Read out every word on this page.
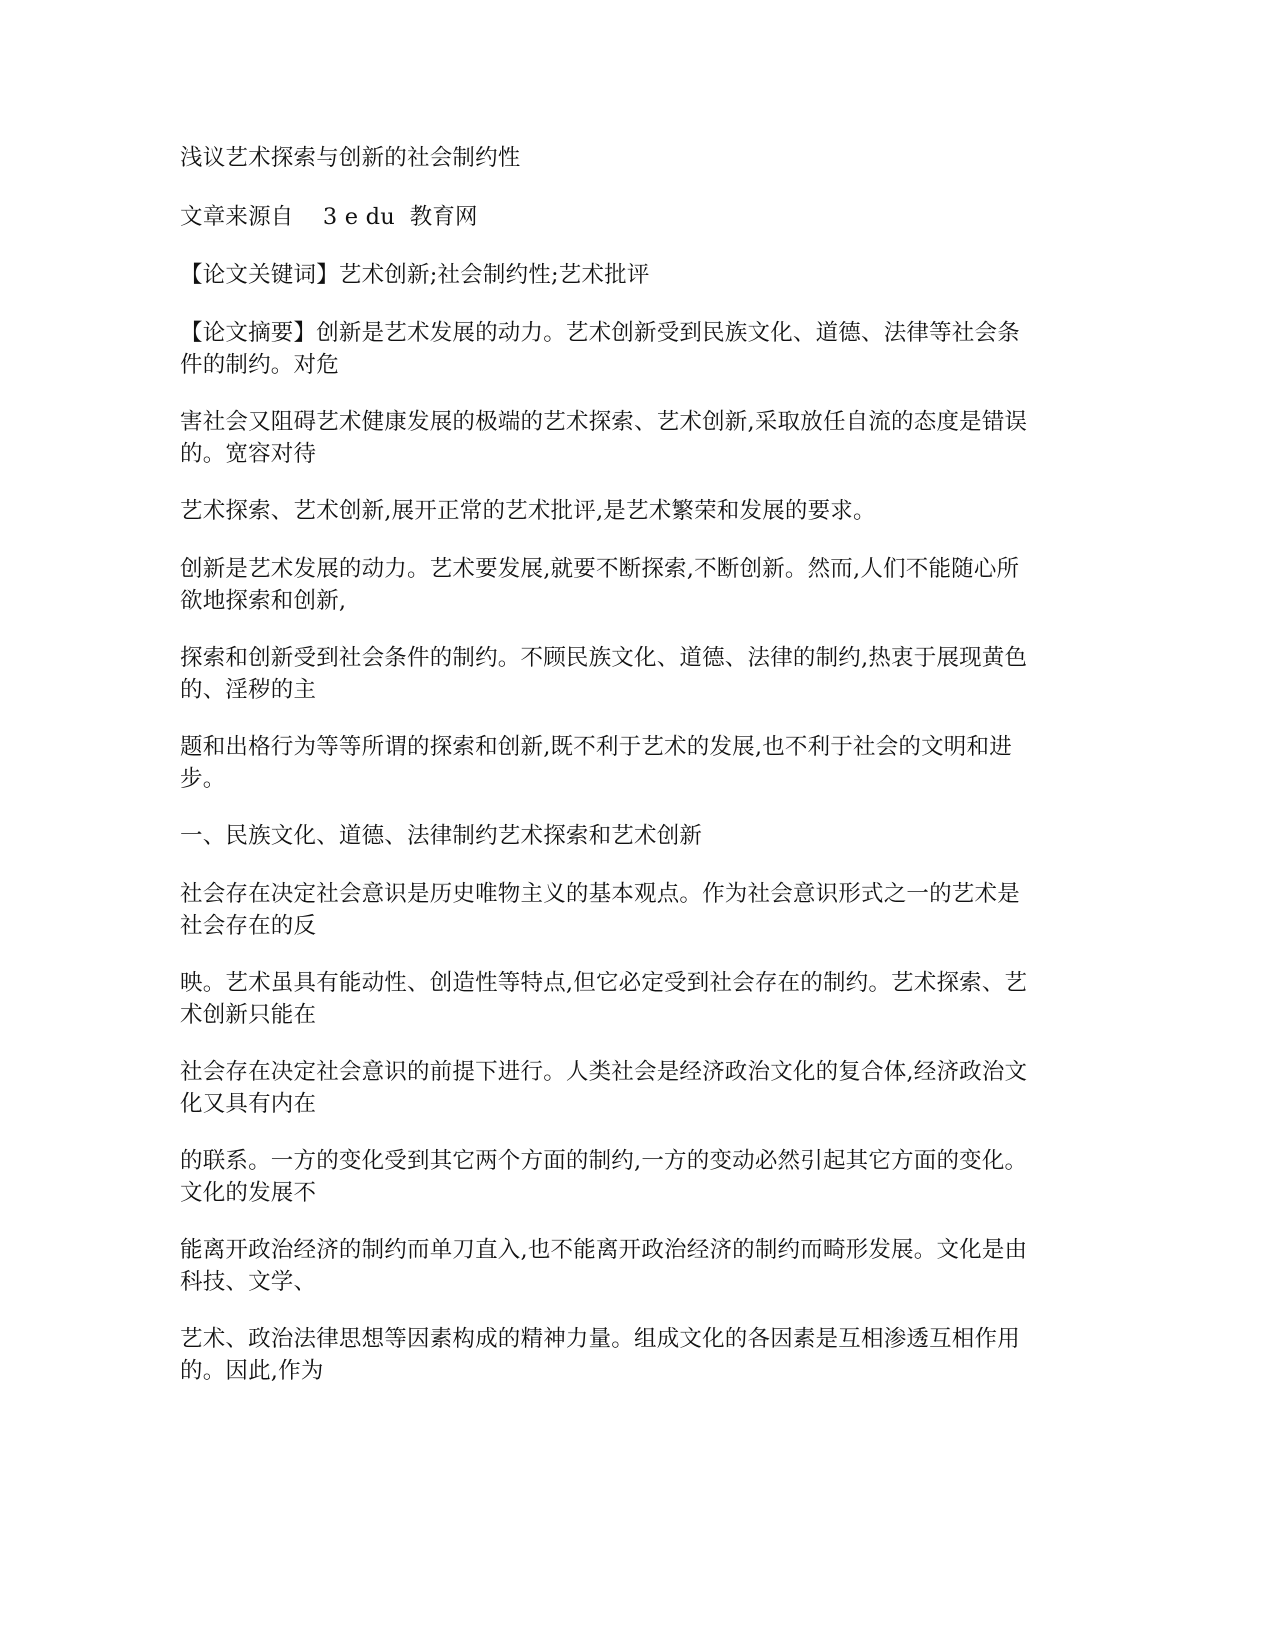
浅议艺术探索与创新的社会制约性

文章来源自    3 e du  教育网

【论文关键词】艺术创新;社会制约性;艺术批评

【论文摘要】创新是艺术发展的动力。艺术创新受到民族文化、道德、法律等社会条件的制约。对危

害社会又阻碍艺术健康发展的极端的艺术探索、艺术创新,采取放任自流的态度是错误的。宽容对待

艺术探索、艺术创新,展开正常的艺术批评,是艺术繁荣和发展的要求。

创新是艺术发展的动力。艺术要发展,就要不断探索,不断创新。然而,人们不能随心所欲地探索和创新,

探索和创新受到社会条件的制约。不顾民族文化、道德、法律的制约,热衷于展现黄色的、淫秽的主

题和出格行为等等所谓的探索和创新,既不利于艺术的发展,也不利于社会的文明和进步。

一、民族文化、道德、法律制约艺术探索和艺术创新

社会存在决定社会意识是历史唯物主义的基本观点。作为社会意识形式之一的艺术是社会存在的反

映。艺术虽具有能动性、创造性等特点,但它必定受到社会存在的制约。艺术探索、艺术创新只能在

社会存在决定社会意识的前提下进行。人类社会是经济政治文化的复合体,经济政治文化又具有内在

的联系。一方的变化受到其它两个方面的制约,一方的变动必然引起其它方面的变化。文化的发展不

能离开政治经济的制约而单刀直入,也不能离开政治经济的制约而畸形发展。文化是由科技、文学、

艺术、政治法律思想等因素构成的精神力量。组成文化的各因素是互相渗透互相作用的。因此,作为
